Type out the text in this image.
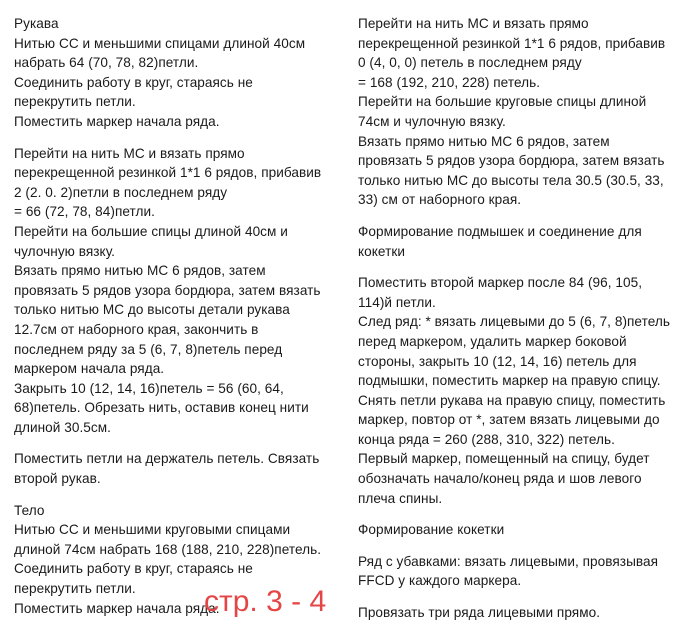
Рукава
Нитью СС и меньшими спицами длиной 40см
набрать 64 (70, 78, 82)петли.
Соединить работу в круг, стараясь не
перекрутить петли.
Поместить маркер начала ряда.
Перейти на нить МС и вязать прямо
перекрещенной резинкой 1*1 6 рядов, прибавив
2 (2. 0. 2)петли в последнем ряду
= 66 (72, 78, 84)петли.
Перейти на большие спицы длиной 40см и
чулочную вязку.
Вязать прямо нитью МС 6 рядов, затем
провязать 5 рядов узора бордюра, затем вязать
только нитью МС до высоты детали рукава
12.7см от наборного края, закончить в
последнем ряду за 5 (6, 7, 8)петель перед
маркером начала ряда.
Закрыть 10 (12, 14, 16)петель = 56 (60, 64,
68)петель. Обрезать нить, оставив конец нити
длиной 30.5см.
Поместить петли на держатель петель. Связать
второй рукав.
Тело
Нитью СС и меньшими круговыми спицами
длиной 74см набрать 168 (188, 210, 228)петель.
Соединить работу в круг, стараясь не
перекрутить петли.
Поместить маркер начала ряда.
Перейти на нить МС и вязать прямо
перекрещенной резинкой 1*1 6 рядов, прибавив
0 (4, 0, 0) петель в последнем ряду
= 168 (192, 210, 228) петель.
Перейти на большие круговые спицы длиной
74см и чулочную вязку.
Вязать прямо нитью МС 6 рядов, затем
провязать 5 рядов узора бордюра, затем вязать
только нитью МС до высоты тела 30.5 (30.5, 33,
33) см от наборного края.
Формирование подмышек и соединение для
кокетки
Поместить второй маркер после 84 (96, 105,
114)й петли.
След ряд: * вязать лицевыми до 5 (6, 7, 8)петель
перед маркером, удалить маркер боковой
стороны, закрыть 10 (12, 14, 16) петель для
подмышки, поместить маркер на правую спицу.
Снять петли рукава на правую спицу, поместить
маркер, повтор от *, затем вязать лицевыми до
конца ряда = 260 (288, 310, 322) петель.
Первый маркер, помещенный на спицу, будет
обозначать начало/конец ряда и шов левого
плеча спины.
Формирование кокетки
Ряд с убавками: вязать лицевыми, провязывая
FFCD у каждого маркера.
Провязать три ряда лицевыми прямо.
стр. 3 - 4
